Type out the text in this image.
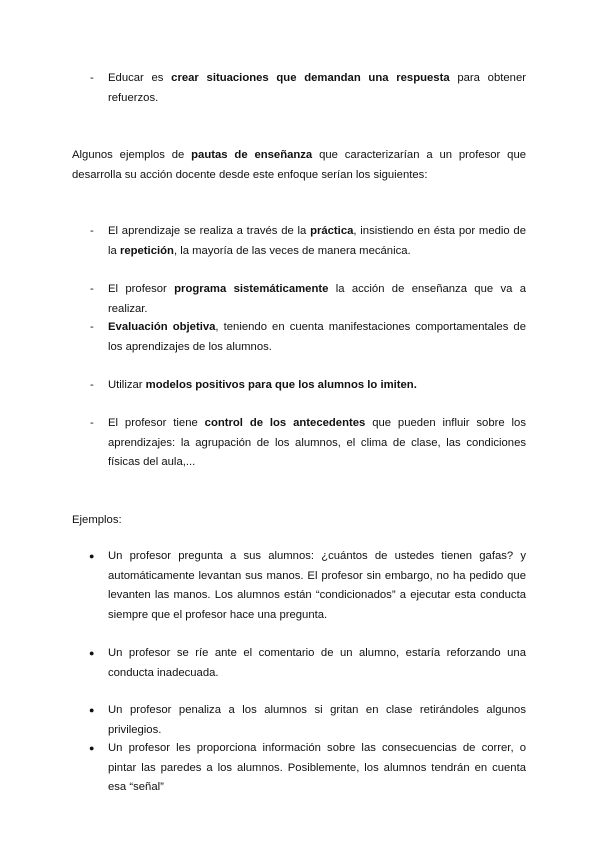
- Educar es crear situaciones que demandan una respuesta para obtener refuerzos.
Algunos ejemplos de pautas de enseñanza que caracterizarían a un profesor que desarrolla su acción docente desde este enfoque serían los siguientes:
- El aprendizaje se realiza a través de la práctica, insistiendo en ésta por medio de la repetición, la mayoría de las veces de manera mecánica.
- El profesor programa sistemáticamente la acción de enseñanza que va a realizar.
- Evaluación objetiva, teniendo en cuenta manifestaciones comportamentales de los aprendizajes de los alumnos.
- Utilizar modelos positivos para que los alumnos lo imiten.
- El profesor tiene control de los antecedentes que pueden influir sobre los aprendizajes: la agrupación de los alumnos, el clima de clase, las condiciones físicas del aula,...
Ejemplos:
● Un profesor pregunta a sus alumnos: ¿cuántos de ustedes tienen gafas? y automáticamente levantan sus manos. El profesor sin embargo, no ha pedido que levanten las manos. Los alumnos están “condicionados” a ejecutar esta conducta siempre que el profesor hace una pregunta.
● Un profesor se ríe ante el comentario de un alumno, estaría reforzando una conducta inadecuada.
● Un profesor penaliza a los alumnos si gritan en clase retirándoles algunos privilegios.
● Un profesor les proporciona información sobre las consecuencias de correr, o pintar las paredes a los alumnos. Posiblemente, los alumnos tendrán en cuenta esa “señal”
